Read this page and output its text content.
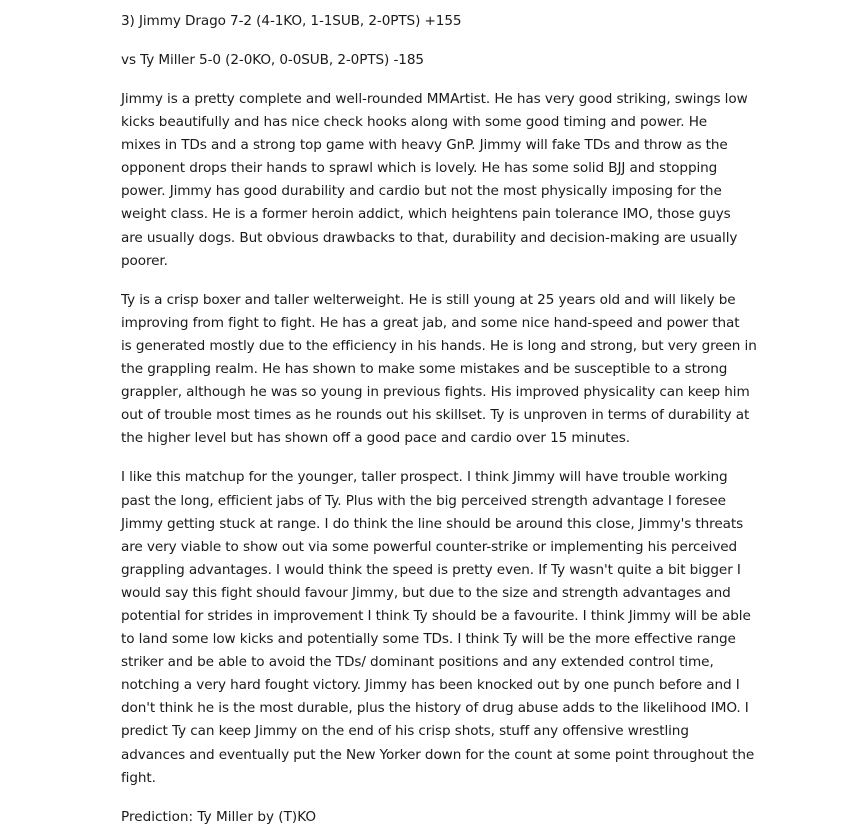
3) Jimmy Drago 7-2 (4-1KO, 1-1SUB, 2-0PTS) +155

vs Ty Miller 5-0 (2-0KO, 0-0SUB, 2-0PTS) -185

Jimmy is a pretty complete and well-rounded MMArtist. He has very good striking, swings low
kicks beautifully and has nice check hooks along with some good timing and power. He
mixes in TDs and a strong top game with heavy GnP. Jimmy will fake TDs and throw as the
opponent drops their hands to sprawl which is lovely. He has some solid BJJ and stopping
power. Jimmy has good durability and cardio but not the most physically imposing for the
weight class. He is a former heroin addict, which heightens pain tolerance IMO, those guys
are usually dogs. But obvious drawbacks to that, durability and decision-making are usually
poorer.
Ty is a crisp boxer and taller welterweight. He is still young at 25 years old and will likely be
improving from fight to fight. He has a great jab, and some nice hand-speed and power that
is generated mostly due to the efficiency in his hands. He is long and strong, but very green in
the grappling realm. He has shown to make some mistakes and be susceptible to a strong
grappler, although he was so young in previous fights. His improved physicality can keep him
out of trouble most times as he rounds out his skillset. Ty is unproven in terms of durability at
the higher level but has shown off a good pace and cardio over 15 minutes.
I like this matchup for the younger, taller prospect. I think Jimmy will have trouble working
past the long, efficient jabs of Ty. Plus with the big perceived strength advantage I foresee
Jimmy getting stuck at range. I do think the line should be around this close, Jimmy's threats
are very viable to show out via some powerful counter-strike or implementing his perceived
grappling advantages. I would think the speed is pretty even. If Ty wasn't quite a bit bigger I
would say this fight should favour Jimmy, but due to the size and strength advantages and
potential for strides in improvement I think Ty should be a favourite. I think Jimmy will be able
to land some low kicks and potentially some TDs. I think Ty will be the more effective range
striker and be able to avoid the TDs/ dominant positions and any extended control time,
notching a very hard fought victory. Jimmy has been knocked out by one punch before and I
don't think he is the most durable, plus the history of drug abuse adds to the likelihood IMO. I
predict Ty can keep Jimmy on the end of his crisp shots, stuff any offensive wrestling
advances and eventually put the New Yorker down for the count at some point throughout the
fight.

Prediction: Ty Miller by (T)KO
